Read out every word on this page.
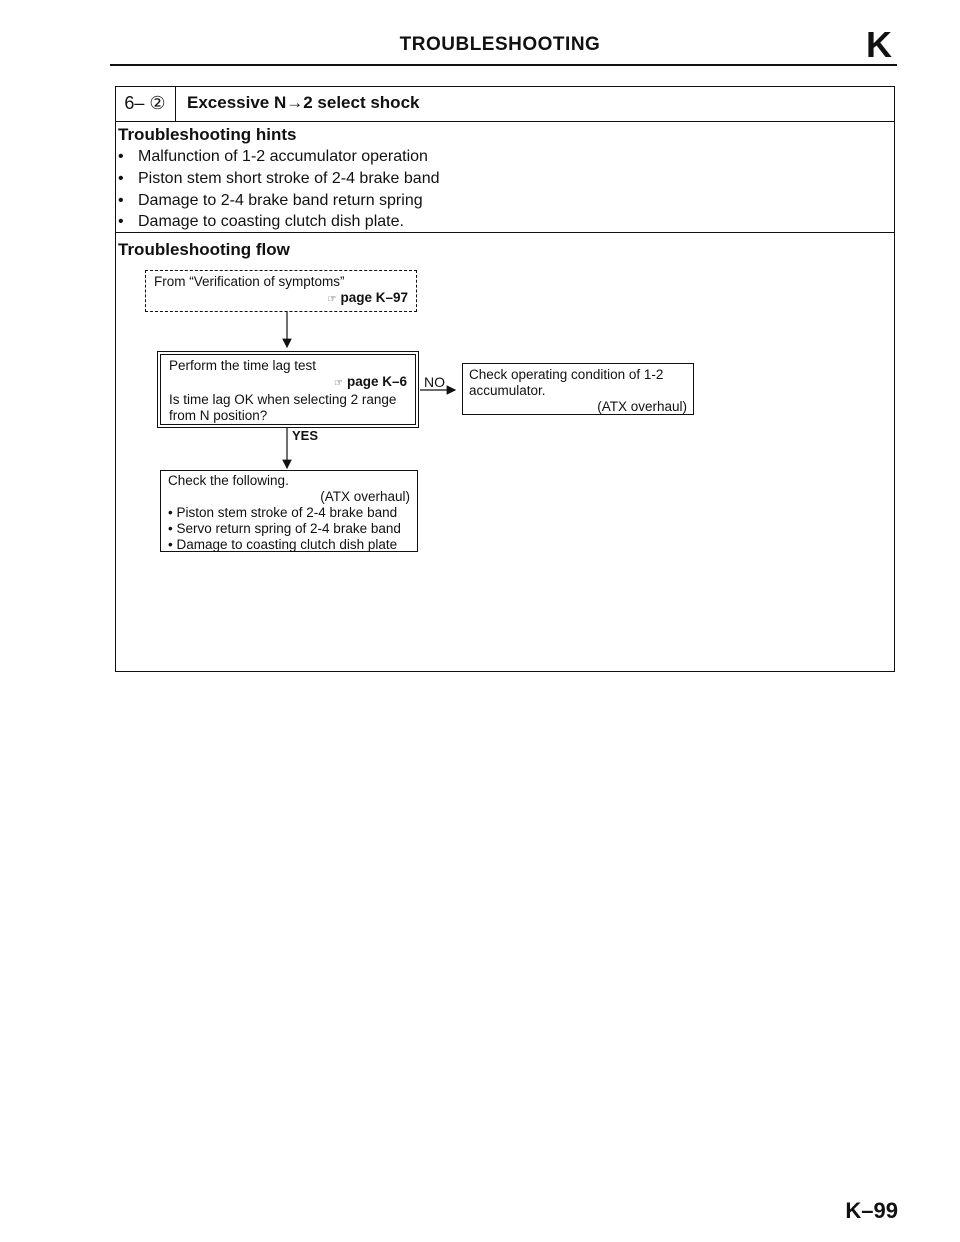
TROUBLESHOOTING	K
6– ②	Excessive N→2 select shock
Troubleshooting hints
• Malfunction of 1-2 accumulator operation
• Piston stem short stroke of 2-4 brake band
• Damage to 2-4 brake band return spring
• Damage to coasting clutch dish plate.
Troubleshooting flow
From “Verification of symptoms”
☞ page K–97
Perform the time lag test
☞ page K–6
Is time lag OK when selecting 2 range
from N position?
NO
YES
Check operating condition of 1-2
accumulator.
(ATX overhaul)
Check the following.
(ATX overhaul)
• Piston stem stroke of 2-4 brake band
• Servo return spring of 2-4 brake band
• Damage to coasting clutch dish plate
K–99
